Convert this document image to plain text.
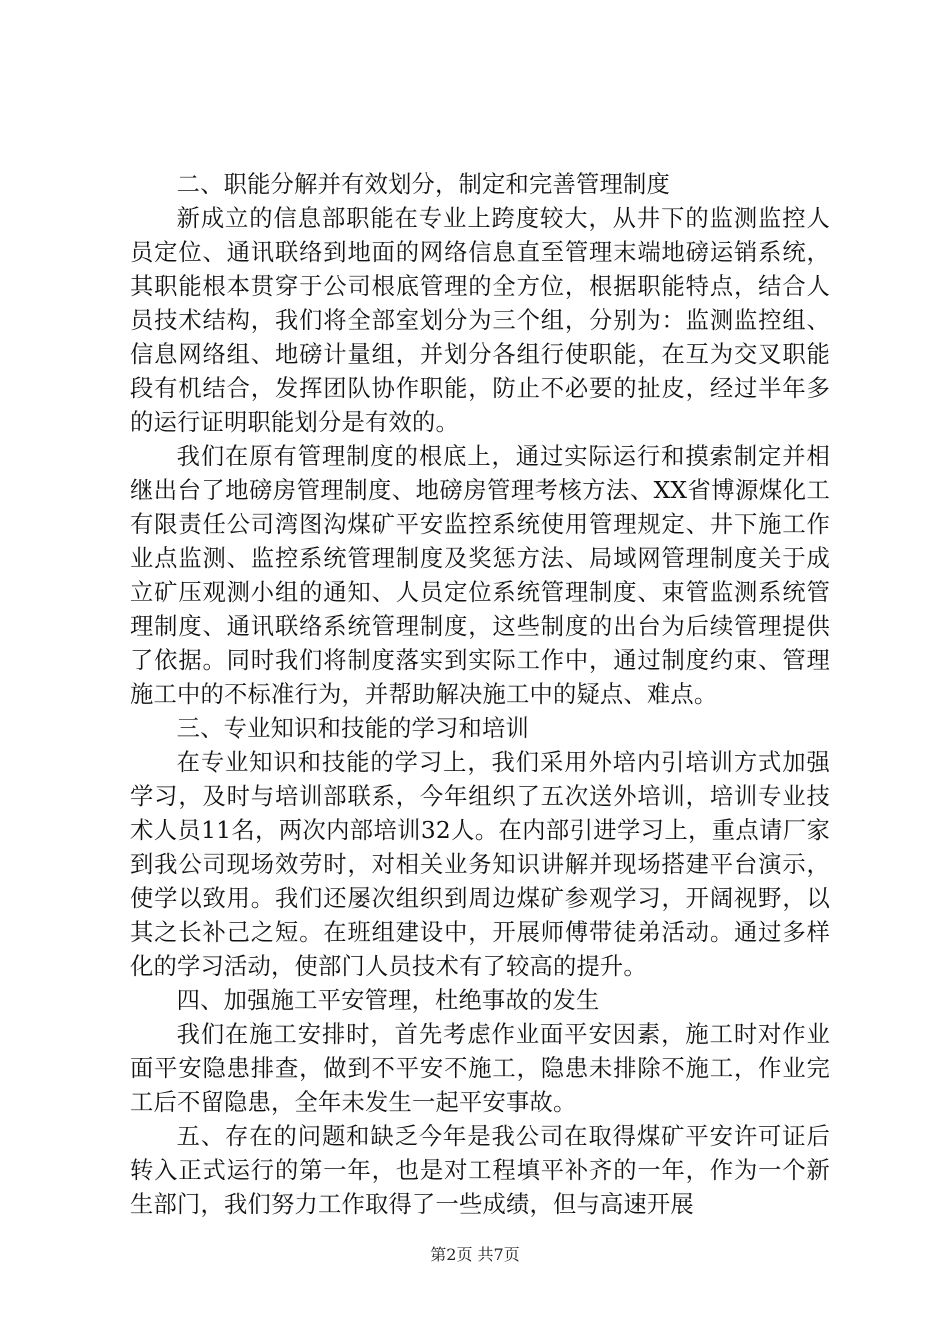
二、职能分解并有效划分，制定和完善管理制度

新成立的信息部职能在专业上跨度较大，从井下的监测监控人员定位、通讯联络到地面的网络信息直至管理末端地磅运销系统，其职能根本贯穿于公司根底管理的全方位，根据职能特点，结合人员技术结构，我们将全部室划分为三个组，分别为：监测监控组、信息网络组、地磅计量组，并划分各组行使职能，在互为交叉职能段有机结合，发挥团队协作职能，防止不必要的扯皮，经过半年多的运行证明职能划分是有效的。

我们在原有管理制度的根底上，通过实际运行和摸索制定并相继出台了地磅房管理制度、地磅房管理考核方法、XX省博源煤化工有限责任公司湾图沟煤矿平安监控系统使用管理规定、井下施工作业点监测、监控系统管理制度及奖惩方法、局域网管理制度关于成立矿压观测小组的通知、人员定位系统管理制度、束管监测系统管理制度、通讯联络系统管理制度，这些制度的出台为后续管理提供了依据。同时我们将制度落实到实际工作中，通过制度约束、管理施工中的不标准行为，并帮助解决施工中的疑点、难点。

三、专业知识和技能的学习和培训

在专业知识和技能的学习上，我们采用外培内引培训方式加强学习，及时与培训部联系，今年组织了五次送外培训，培训专业技术人员11名，两次内部培训32人。在内部引进学习上，重点请厂家到我公司现场效劳时，对相关业务知识讲解并现场搭建平台演示，使学以致用。我们还屡次组织到周边煤矿参观学习，开阔视野，以其之长补己之短。在班组建设中，开展师傅带徒弟活动。通过多样化的学习活动，使部门人员技术有了较高的提升。

四、加强施工平安管理，杜绝事故的发生

我们在施工安排时，首先考虑作业面平安因素，施工时对作业面平安隐患排查，做到不平安不施工，隐患未排除不施工，作业完工后不留隐患，全年未发生一起平安事故。

五、存在的问题和缺乏今年是我公司在取得煤矿平安许可证后转入正式运行的第一年，也是对工程填平补齐的一年，作为一个新生部门，我们努力工作取得了一些成绩，但与高速开展

第2页 共7页
